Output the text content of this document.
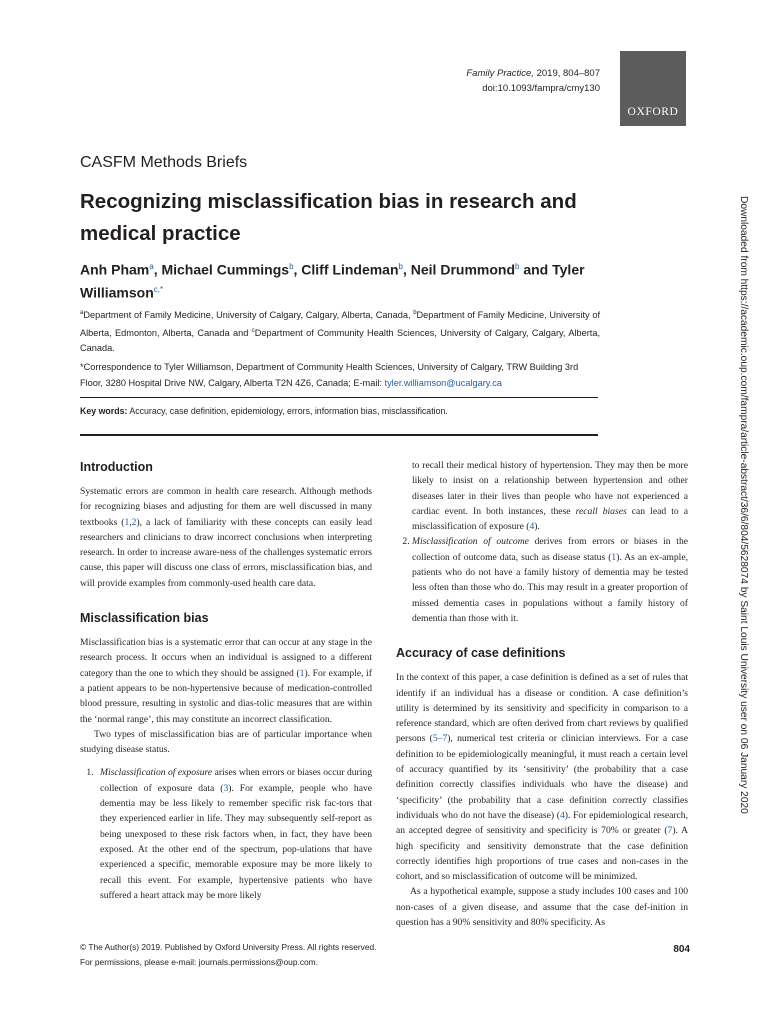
Family Practice, 2019, 804–807
doi:10.1093/fampra/cmy130
OXFORD
CASFM Methods Briefs
Recognizing misclassification bias in research and medical practice
Anh Pham$^a$, Michael Cummings$^b$, Cliff Lindeman$^b$, Neil Drummond$^b$ and Tyler Williamson$^{c,*}$
$^a$Department of Family Medicine, University of Calgary, Calgary, Alberta, Canada, $^b$Department of Family Medicine, University of Alberta, Edmonton, Alberta, Canada and $^c$Department of Community Health Sciences, University of Calgary, Calgary, Alberta, Canada.
*Correspondence to Tyler Williamson, Department of Community Health Sciences, University of Calgary, TRW Building 3rd Floor, 3280 Hospital Drive NW, Calgary, Alberta T2N 4Z6, Canada; E-mail: tyler.williamson@ucalgary.ca
Key words: Accuracy, case definition, epidemiology, errors, information bias, misclassification.
Introduction

Systematic errors are common in health care research. Although methods for recognizing biases and adjusting for them are well discussed in many textbooks (1,2), a lack of familiarity with these concepts can easily lead researchers and clinicians to draw incorrect conclusions when interpreting research. In order to increase aware-ness of the challenges systematic errors cause, this paper will discuss one class of errors, misclassification bias, and will provide examples from commonly-used health care data.

Misclassification bias

Misclassification bias is a systematic error that can occur at any stage in the research process. It occurs when an individual is assigned to a different category than the one to which they should be assigned (1). For example, if a patient appears to be non-hypertensive because of medication-controlled blood pressure, resulting in systolic and dias-tolic measures that are within the ‘normal range’, this may constitute an incorrect classification.

Two types of misclassification bias are of particular importance when studying disease status.

1. Misclassification of exposure arises when errors or biases occur during collection of exposure data (3). For example, people who have dementia may be less likely to remember specific risk fac-tors that they experienced earlier in life. They may subsequently self-report as being unexposed to these risk factors when, in fact, they have been exposed. At the other end of the spectrum, pop-ulations that have experienced a specific, memorable exposure may be more likely to recall this event. For example, hypertensive patients who have suffered a heart attack may be more likely

to recall their medical history of hypertension. They may then be more likely to insist on a relationship between hypertension and other diseases later in their lives than people who have not experienced a cardiac event. In both instances, these recall biases can lead to a misclassification of exposure (4).

2. Misclassification of outcome derives from errors or biases in the collection of outcome data, such as disease status (1). As an ex-ample, patients who do not have a family history of dementia may be tested less often than those who do. This may result in a greater proportion of missed dementia cases in populations without a family history of dementia than those with it.
Accuracy of case definitions

In the context of this paper, a case definition is defined as a set of rules that identify if an individual has a disease or condition. A case definition’s utility is determined by its sensitivity and specificity in comparison to a reference standard, which are often derived from chart reviews by qualified persons (5–7), numerical test criteria or clinician interviews. For a case definition to be epidemiologically meaningful, it must reach a certain level of accuracy quantified by its ‘sensitivity’ (the probability that a case definition correctly classifies individuals who have the disease) and ‘specificity’ (the probability that a case definition correctly classifies individuals who do not have the disease) (4). For epidemiological research, an accepted degree of sensitivity and specificity is 70% or greater (7). A high specificity and sensitivity demonstrate that the case definition correctly identifies high proportions of true cases and non-cases in the cohort, and so misclassification of outcome will be minimized.

As a hypothetical example, suppose a study includes 100 cases and 100 non-cases of a given disease, and assume that the case def-inition in question has a 90% sensitivity and 80% specificity. As

© The Author(s) 2019. Published by Oxford University Press. All rights reserved.
For permissions, please e-mail: journals.permissions@oup.com.
804
Downloaded from https://academic.oup.com/fampra/article-abstract/36/6/804/5628074 by Saint Louis University user on 06 January 2020
